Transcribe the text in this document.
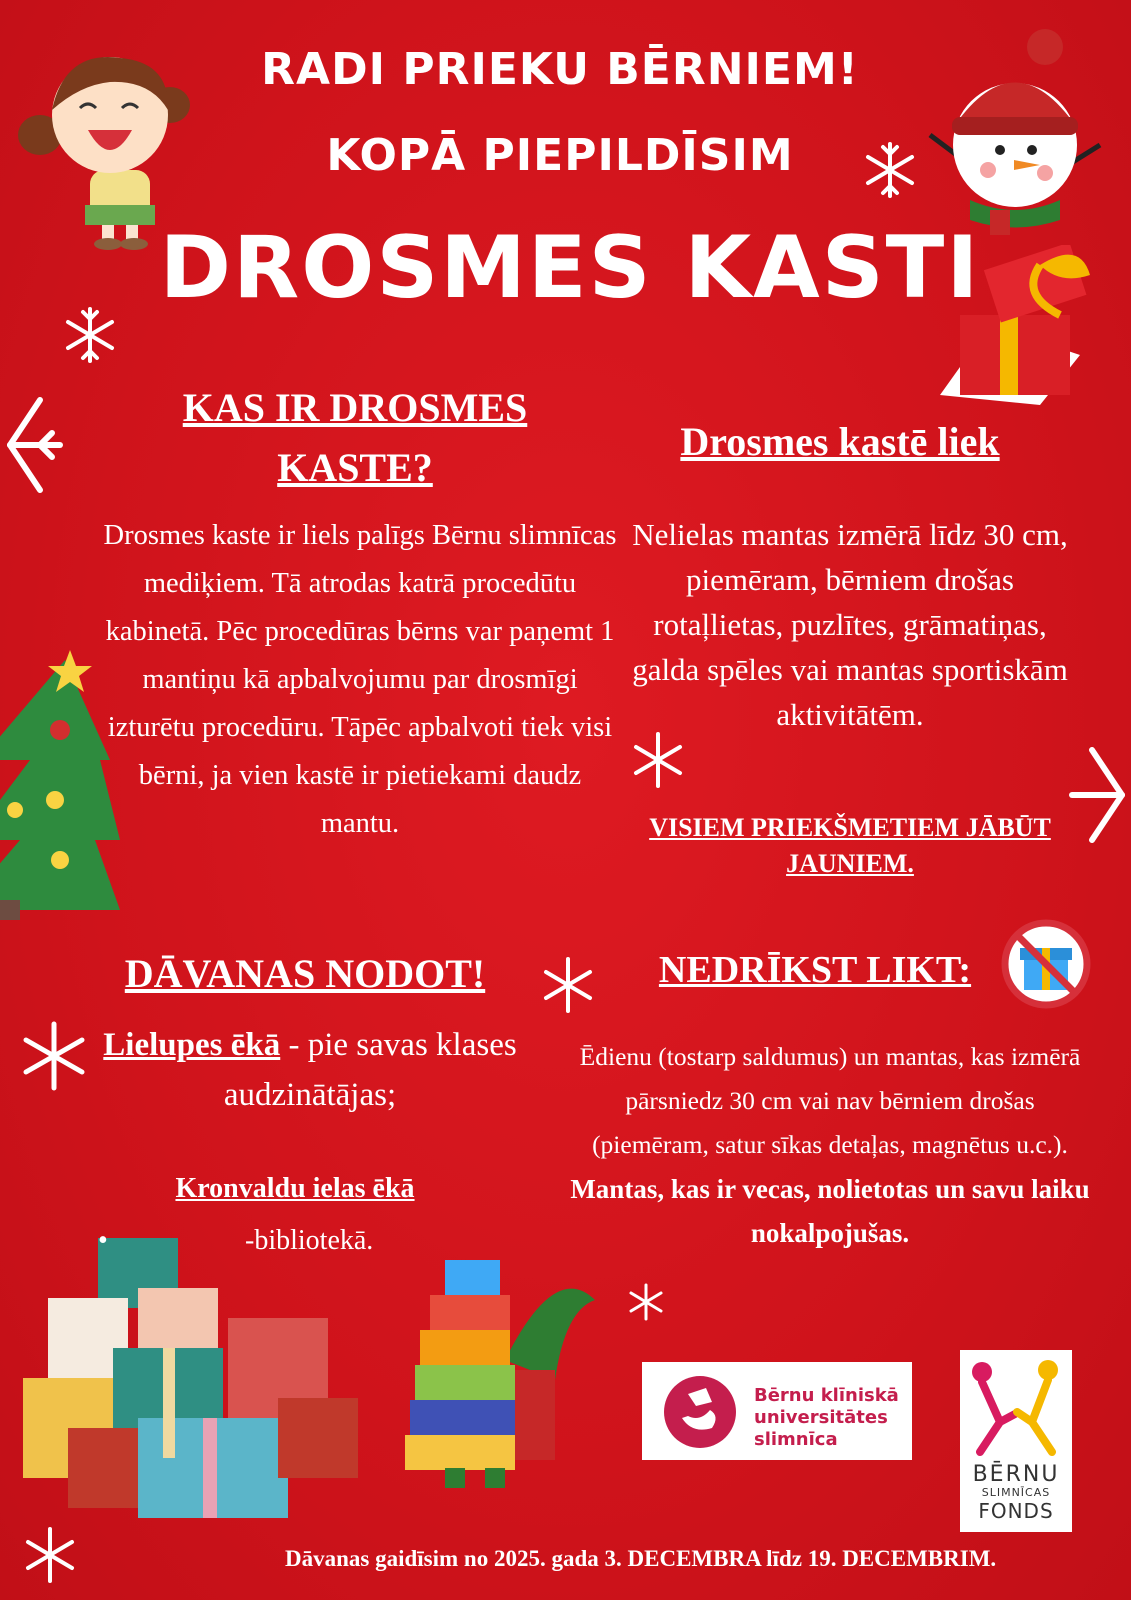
RADI PRIEKU BĒRNIEM!
KOPĀ PIEPILDĪSIM
DROSMES KASTI
KAS IR DROSMES KASTE?
Drosmes kaste ir liels palīgs Bērnu slimnīcas mediķiem. Tā atrodas katrā procedūtu kabinetā. Pēc procedūras bērns var paņemt 1 mantiņu kā apbalvojumu par drosmīgi izturētu procedūru. Tāpēc apbalvoti tiek visi bērni, ja vien kastē ir pietiekami daudz mantu.
Drosmes kastē liek
Nelielas mantas izmērā līdz 30 cm, piemēram, bērniem drošas rotaļlietas, puzlītes, grāmatiņas, galda spēles vai mantas sportiskām aktivitātēm.
VISIEM PRIEKŠMETIEM JĀBŪT JAUNIEM.
DĀVANAS NODOT!
Lielupes ēkā - pie savas klases audzinātājas;
Kronvaldu ielas ēkā
•	-bibliotekā.
NEDRĪKST LIKT:
Ēdienu (tostarp saldumus) un mantas, kas izmērā pārsniedz 30 cm vai nav bērniem drošas (piemēram, satur sīkas detaļas, magnētus u.c.).
Mantas, kas ir vecas, nolietotas un savu laiku nokalpojušas.
Bērnu klīniskā universitātes slimnīca
BĒRNU
SLIMNĪCAS
FONDS
Dāvanas gaidīsim no 2025. gada 3. DECEMBRA līdz 19. DECEMBRIM.
